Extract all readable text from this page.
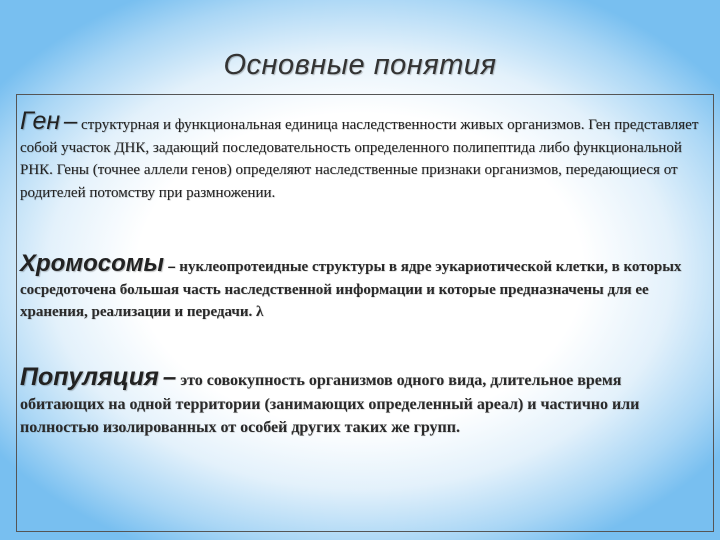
Основные понятия

Ген – структурная и функциональная единица наследственности живых организмов. Ген представляет собой участок ДНК, задающий последовательность определенного полипептида либо функциональной РНК. Гены (точнее аллели генов) определяют наследственные признаки организмов, передающиеся от родителей потомству при размножении.

Хромосомы – нуклеопротеидные структуры в ядре эукариотической клетки, в которых сосредоточена большая часть наследственной информации и которые предназначены для ее хранения, реализации и передачи. λ

Популяция – это совокупность организмов одного вида, длительное время обитающих на одной территории (занимающих определенный ареал) и частично или полностью изолированных от особей других таких же групп.
